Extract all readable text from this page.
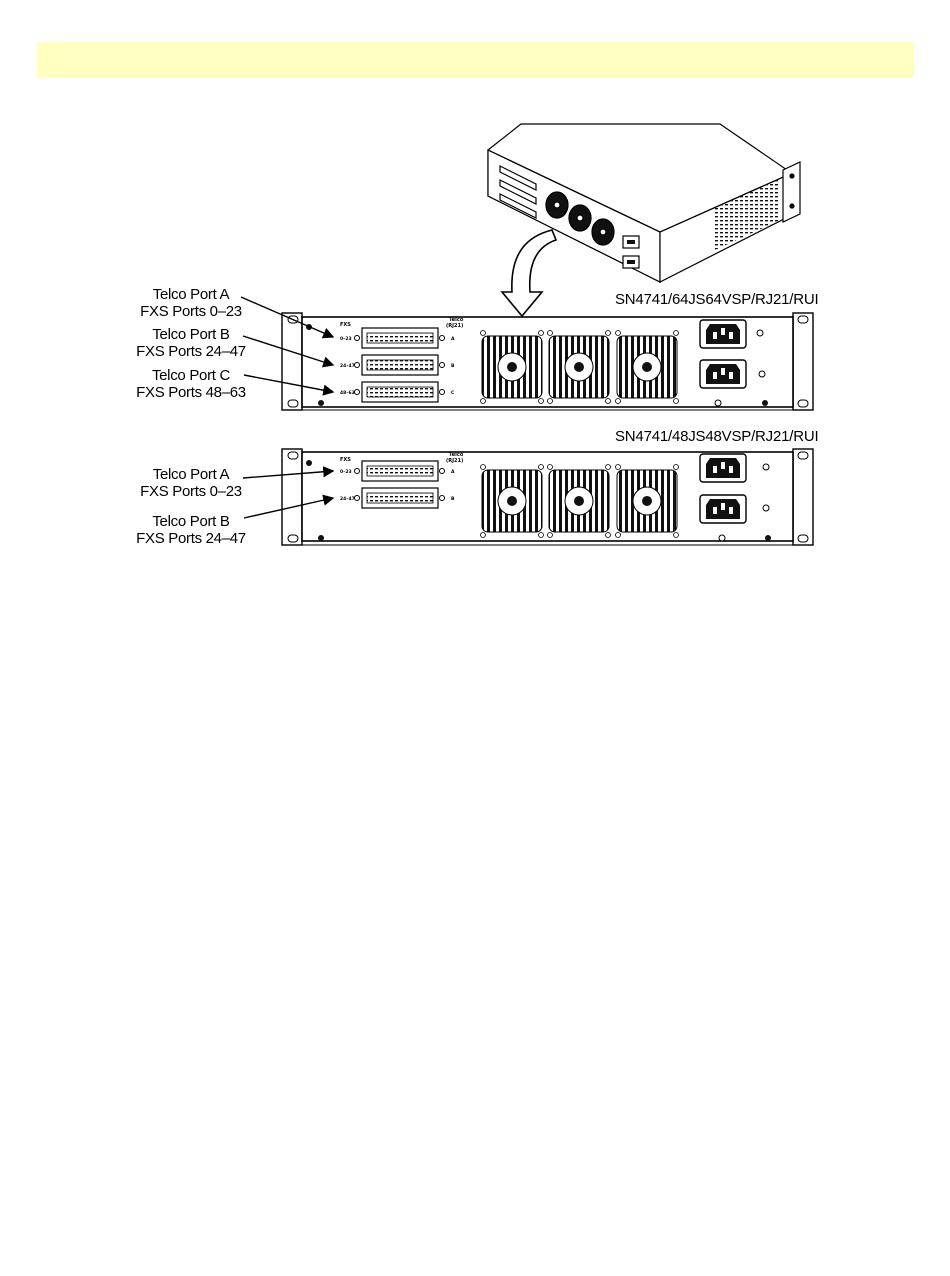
FXS
Telco
(RJ21)
0–23	A
24–47	B
48–63	C
FXS
Telco
(RJ21)
0–23	A
24–47	B
SN4741/64JS64VSP/RJ21/RUI
SN4741/48JS48VSP/RJ21/RUI
Telco Port A
FXS Ports 0–23
Telco Port B
FXS Ports 24–47
Telco Port C
FXS Ports 48–63
Telco Port A
FXS Ports 0–23
Telco Port B
FXS Ports 24–47
